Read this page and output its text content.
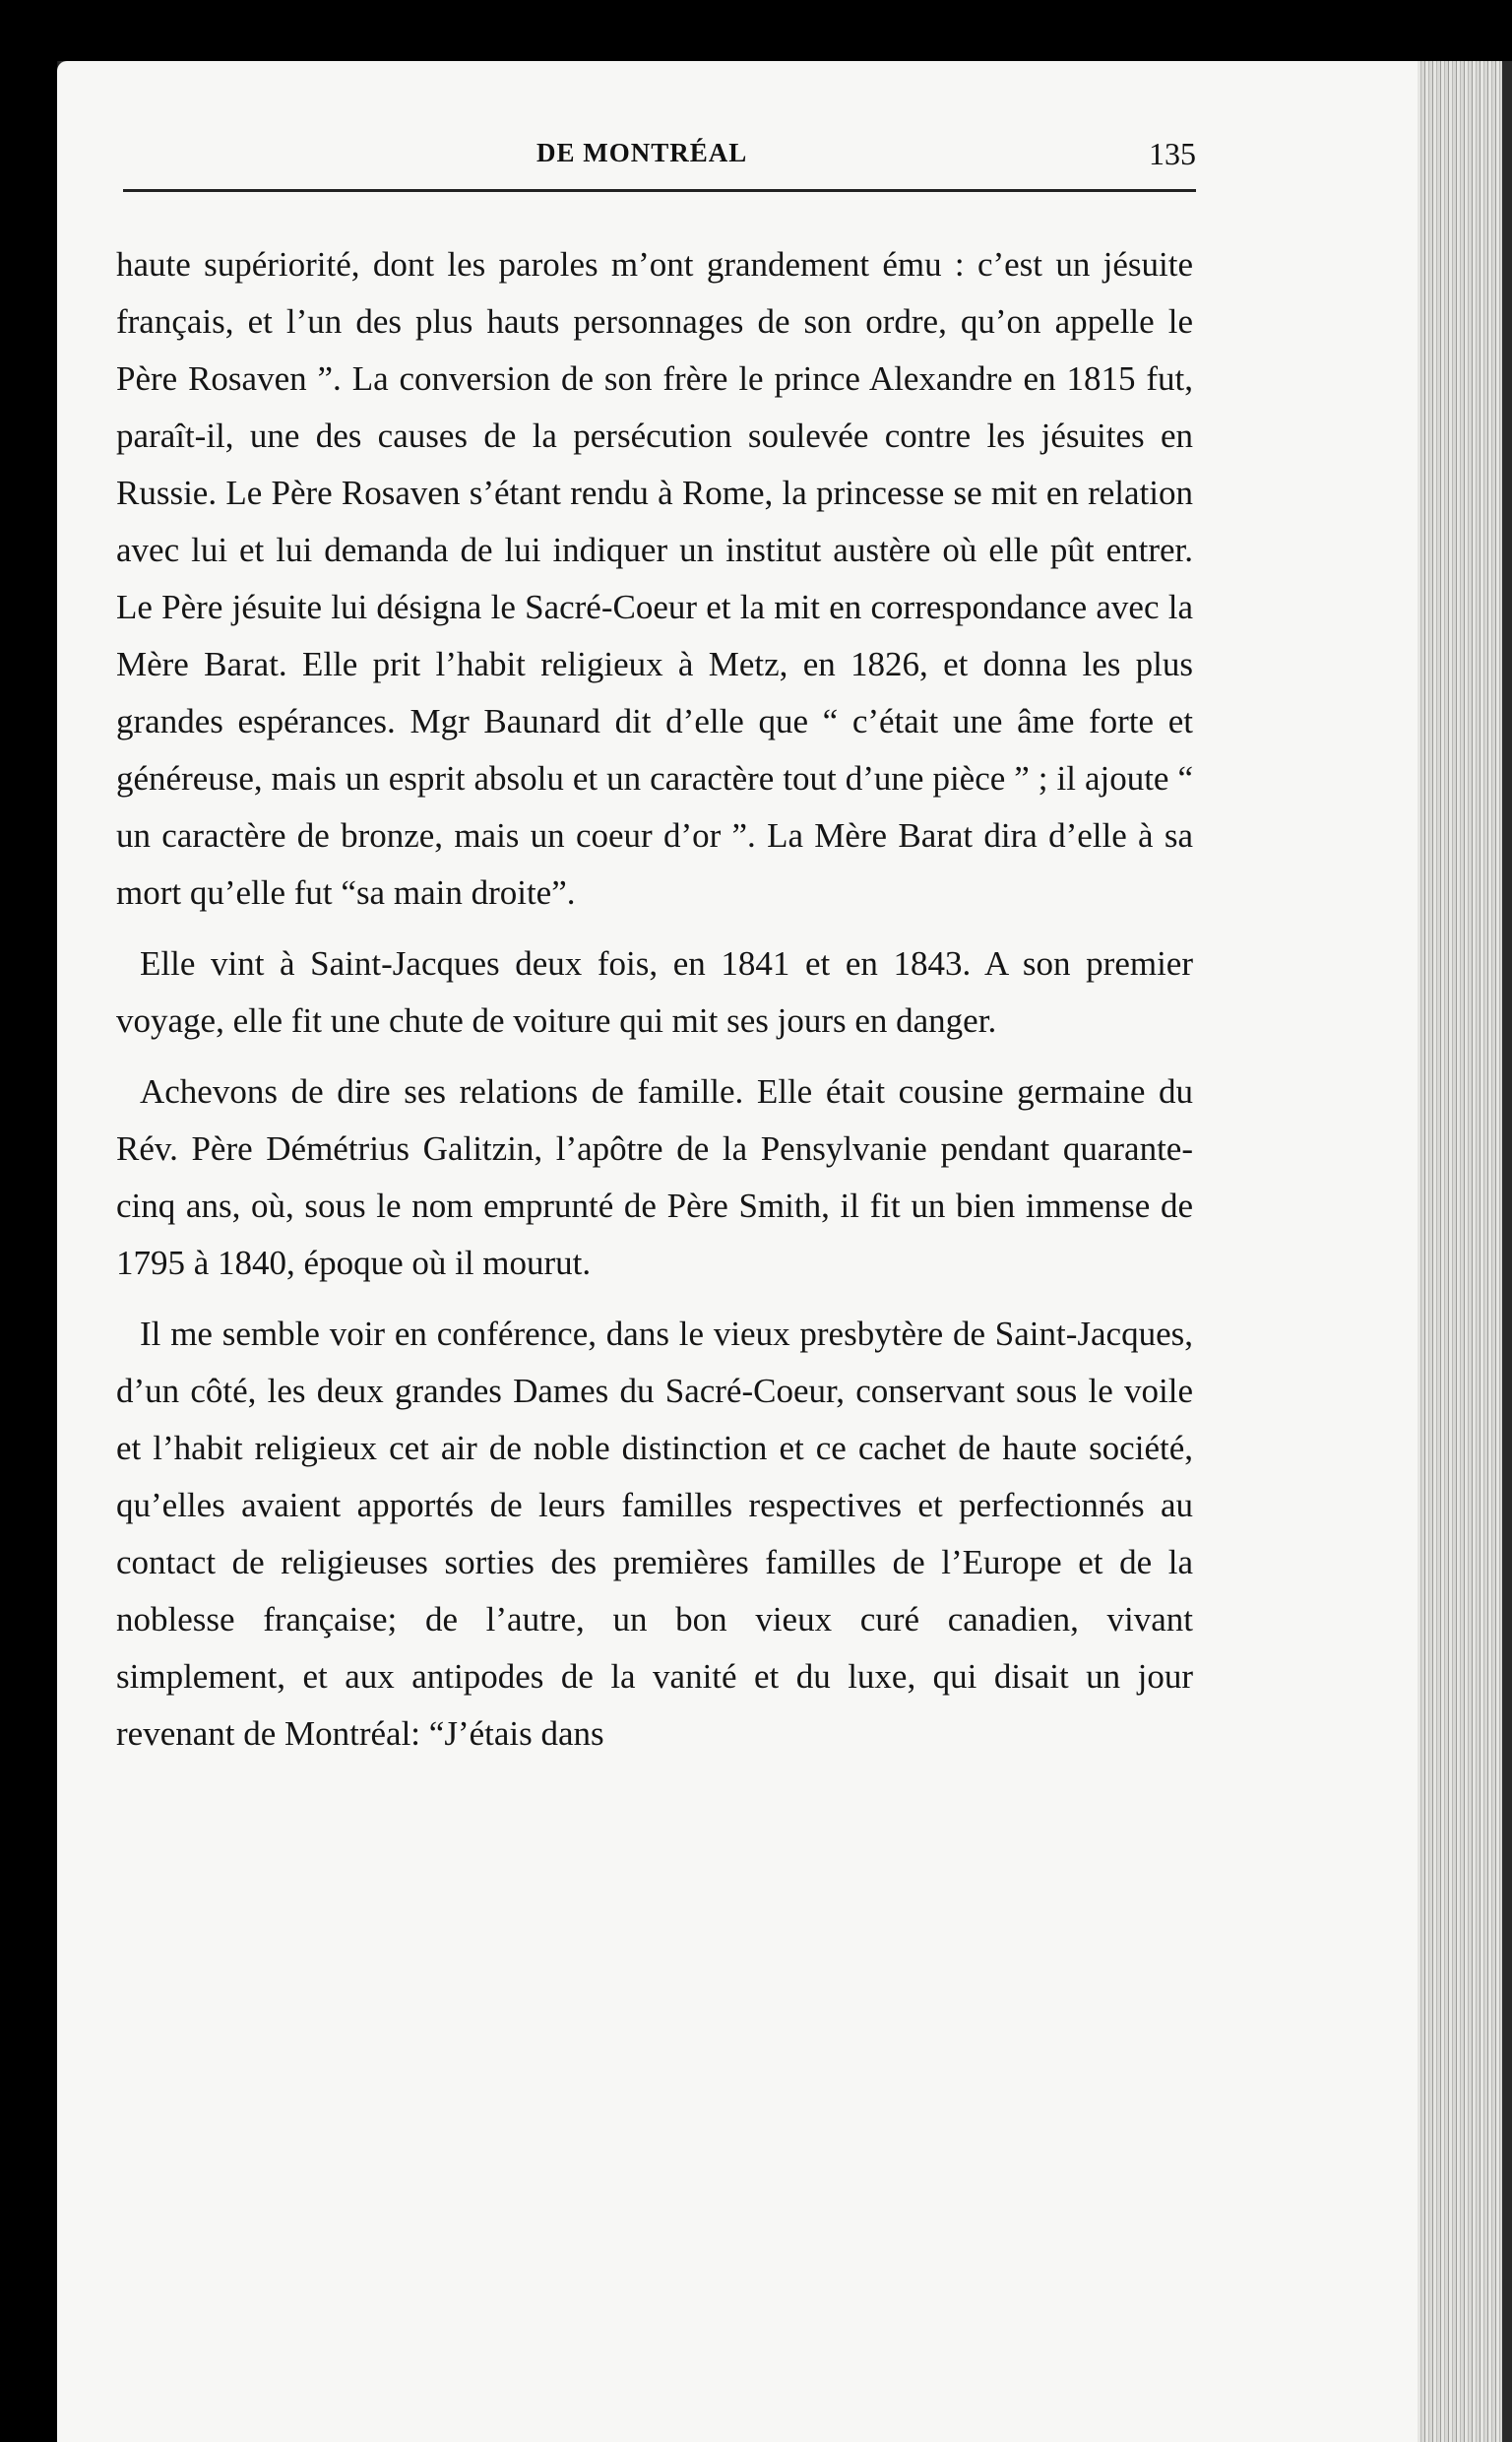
DE MONTRÉAL	135

haute supériorité, dont les paroles m’ont grandement ému : c’est un jésuite français, et l’un des plus hauts personnages de son ordre, qu’on appelle le Père Rosaven ”. La conversion de son frère le prince Alexandre en 1815 fut, paraît-il, une des causes de la persécution soulevée contre les jésuites en Russie. Le Père Rosaven s’étant rendu à Rome, la princesse se mit en relation avec lui et lui demanda de lui indiquer un institut austère où elle pût entrer. Le Père jésuite lui désigna le Sacré-Coeur et la mit en correspondance avec la Mère Barat. Elle prit l’habit religieux à Metz, en 1826, et donna les plus grandes espérances. Mgr Baunard dit d’elle que “ c’était une âme forte et généreuse, mais un esprit absolu et un caractère tout d’une pièce ” ; il ajoute “ un caractère de bronze, mais un coeur d’or ”. La Mère Barat dira d’elle à sa mort qu’elle fut “sa main droite”.

Elle vint à Saint-Jacques deux fois, en 1841 et en 1843. A son premier voyage, elle fit une chute de voiture qui mit ses jours en danger.

Achevons de dire ses relations de famille. Elle était cousine germaine du Rév. Père Démétrius Galitzin, l’apôtre de la Pensylvanie pendant quarante-cinq ans, où, sous le nom emprunté de Père Smith, il fit un bien immense de 1795 à 1840, époque où il mourut.

Il me semble voir en conférence, dans le vieux presbytère de Saint-Jacques, d’un côté, les deux grandes Dames du Sacré-Coeur, conservant sous le voile et l’habit religieux cet air de noble distinction et ce cachet de haute société, qu’elles avaient apportés de leurs familles respectives et perfectionnés au contact de religieuses sorties des premières familles de l’Europe et de la noblesse française; de l’autre, un bon vieux curé canadien, vivant simplement, et aux antipodes de la vanité et du luxe, qui disait un jour revenant de Montréal: “J’étais dans
